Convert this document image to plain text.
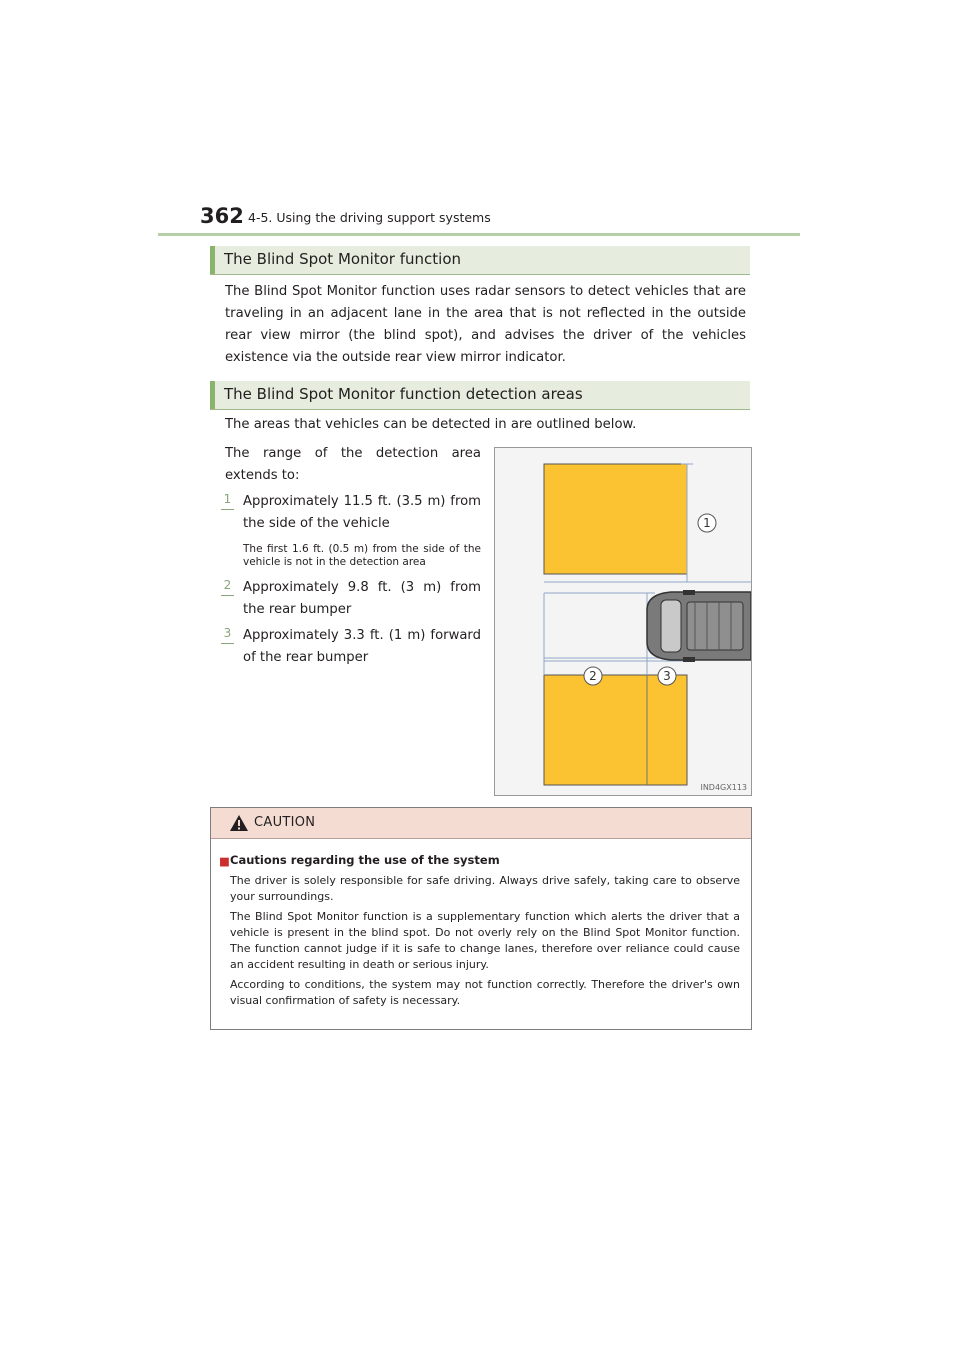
362 4-5. Using the driving support systems
The Blind Spot Monitor function
The Blind Spot Monitor function uses radar sensors to detect vehicles that are traveling in an adjacent lane in the area that is not reflected in the outside rear view mirror (the blind spot), and advises the driver of the vehicles existence via the outside rear view mirror indicator.
The Blind Spot Monitor function detection areas
The areas that vehicles can be detected in are outlined below.
The range of the detection area extends to:
1 Approximately 11.5 ft. (3.5 m) from the side of the vehicle
The first 1.6 ft. (0.5 m) from the side of the vehicle is not in the detection area
2 Approximately 9.8 ft. (3 m) from the rear bumper
3 Approximately 3.3 ft. (1 m) forward of the rear bumper
1
2	3
IND4GX113
CAUTION
■ Cautions regarding the use of the system
The driver is solely responsible for safe driving. Always drive safely, taking care to observe your surroundings.
The Blind Spot Monitor function is a supplementary function which alerts the driver that a vehicle is present in the blind spot. Do not overly rely on the Blind Spot Monitor function. The function cannot judge if it is safe to change lanes, therefore over reliance could cause an accident resulting in death or serious injury.
According to conditions, the system may not function correctly. Therefore the driver's own visual confirmation of safety is necessary.
